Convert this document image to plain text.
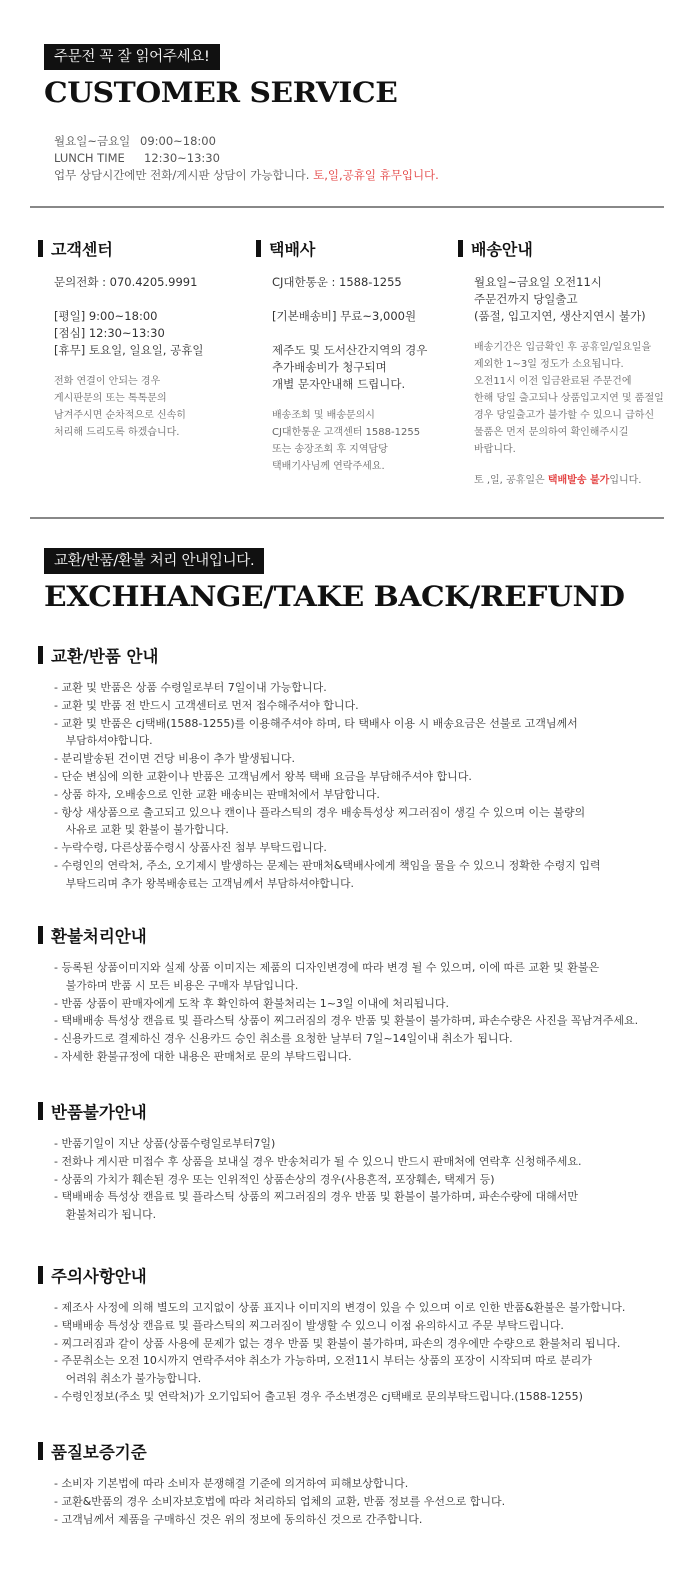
주문전 꼭 잘 읽어주세요!
CUSTOMER SERVICE
월요일~금요일 09:00~18:00
LUNCH TIME 12:30~13:30
업무 상담시간에만 전화/게시판 상담이 가능합니다. 토,일,공휴일 휴무입니다.
고객센터
문의전화 : 070.4205.9991
[평일] 9:00~18:00
[점심] 12:30~13:30
[휴무] 토요일, 일요일, 공휴일
전화 연결이 안되는 경우
게시판문의 또는 톡톡문의
남겨주시면 순차적으로 신속히
처리해 드리도록 하겠습니다.
택배사
CJ대한통운 : 1588-1255
[기본배송비] 무료~3,000원
제주도 및 도서산간지역의 경우
추가배송비가 청구되며
개별 문자안내해 드립니다.
배송조회 및 배송문의시
CJ대한통운 고객센터 1588-1255
또는 송장조회 후 지역담당
택배기사님께 연락주세요.
배송안내
월요일~금요일 오전11시
주문건까지 당일출고
(품절, 입고지연, 생산지연시 불가)
배송기간은 입금확인 후 공휴일/일요일을
제외한 1~3일 정도가 소요됩니다.
오전11시 이전 입금완료된 주문건에
한해 당일 출고되나 상품입고지연 및 품절일
경우 당일출고가 불가할 수 있으니 급하신
물품은 먼저 문의하여 확인해주시길
바랍니다.
토 ,일, 공휴일은 택배발송 불가입니다.
교환/반품/환불 처리 안내입니다.
EXCHHANGE/TAKE BACK/REFUND
교환/반품 안내
- 교환 및 반품은 상품 수령일로부터 7일이내 가능합니다.
- 교환 및 반품 전 반드시 고객센터로 먼저 접수해주셔야 합니다.
- 교환 및 반품은 cj택배(1588-1255)를 이용해주셔야 하며, 타 택배사 이용 시 배송요금은 선불로 고객님께서
부담하셔야합니다.
- 분리발송된 건이면 건당 비용이 추가 발생됩니다.
- 단순 변심에 의한 교환이나 반품은 고객님께서 왕복 택배 요금을 부담해주셔야 합니다.
- 상품 하자, 오배송으로 인한 교환 배송비는 판매처에서 부담합니다.
- 항상 새상품으로 출고되고 있으나 캔이나 플라스틱의 경우 배송특성상 찌그러짐이 생길 수 있으며 이는 불량의
사유로 교환 및 환불이 불가합니다.
- 누락수령, 다른상품수령시 상품사진 첨부 부탁드립니다.
- 수령인의 연락처, 주소, 오기제시 발생하는 문제는 판매처&택배사에게 책임을 물을 수 있으니 정확한 수령지 입력
부탁드리며 추가 왕복배송료는 고객님께서 부담하셔야합니다.
환불처리안내
- 등록된 상품이미지와 실제 상품 이미지는 제품의 디자인변경에 따라 변경 될 수 있으며, 이에 따른 교환 및 환불은
불가하며 반품 시 모든 비용은 구매자 부담입니다.
- 반품 상품이 판매자에게 도착 후 확인하여 환불처리는 1~3일 이내에 처리됩니다.
- 택배배송 특성상 캔음료 및 플라스틱 상품이 찌그러짐의 경우 반품 및 환불이 불가하며, 파손수량은 사진을 꼭남겨주세요.
- 신용카드로 결제하신 경우 신용카드 승인 취소를 요청한 날부터 7일~14일이내 취소가 됩니다.
- 자세한 환불규정에 대한 내용은 판매처로 문의 부탁드립니다.
반품불가안내
- 반품기일이 지난 상품(상품수령일로부터7일)
- 전화나 게시판 미접수 후 상품을 보내실 경우 반송처리가 될 수 있으니 반드시 판매처에 연락후 신청해주세요.
- 상품의 가치가 훼손된 경우 또는 인위적인 상품손상의 경우(사용흔적, 포장훼손, 택제거 등)
- 택배배송 특성상 캔음료 및 플라스틱 상품의 찌그러짐의 경우 반품 및 환불이 불가하며, 파손수량에 대해서만
환불처리가 됩니다.
주의사항안내
- 제조사 사정에 의해 별도의 고지없이 상품 표지나 이미지의 변경이 있을 수 있으며 이로 인한 반품&환불은 불가합니다.
- 택배배송 특성상 캔음료 및 플라스틱의 찌그러짐이 발생할 수 있으니 이점 유의하시고 주문 부탁드립니다.
- 찌그러짐과 같이 상품 사용에 문제가 없는 경우 반품 및 환불이 불가하며, 파손의 경우에만 수량으로 환불처리 됩니다.
- 주문취소는 오전 10시까지 연락주셔야 취소가 가능하며, 오전11시 부터는 상품의 포장이 시작되며 따로 분리가
어려워 취소가 불가능합니다.
- 수령인정보(주소 및 연락처)가 오기입되어 출고된 경우 주소변경은 cj택배로 문의부탁드립니다.(1588-1255)
품질보증기준
- 소비자 기본법에 따라 소비자 분쟁해결 기준에 의거하여 피해보상합니다.
- 교환&반품의 경우 소비자보호법에 따라 처리하되 업체의 교환, 반품 정보를 우선으로 합니다.
- 고객님께서 제품을 구매하신 것은 위의 정보에 동의하신 것으로 간주합니다.
